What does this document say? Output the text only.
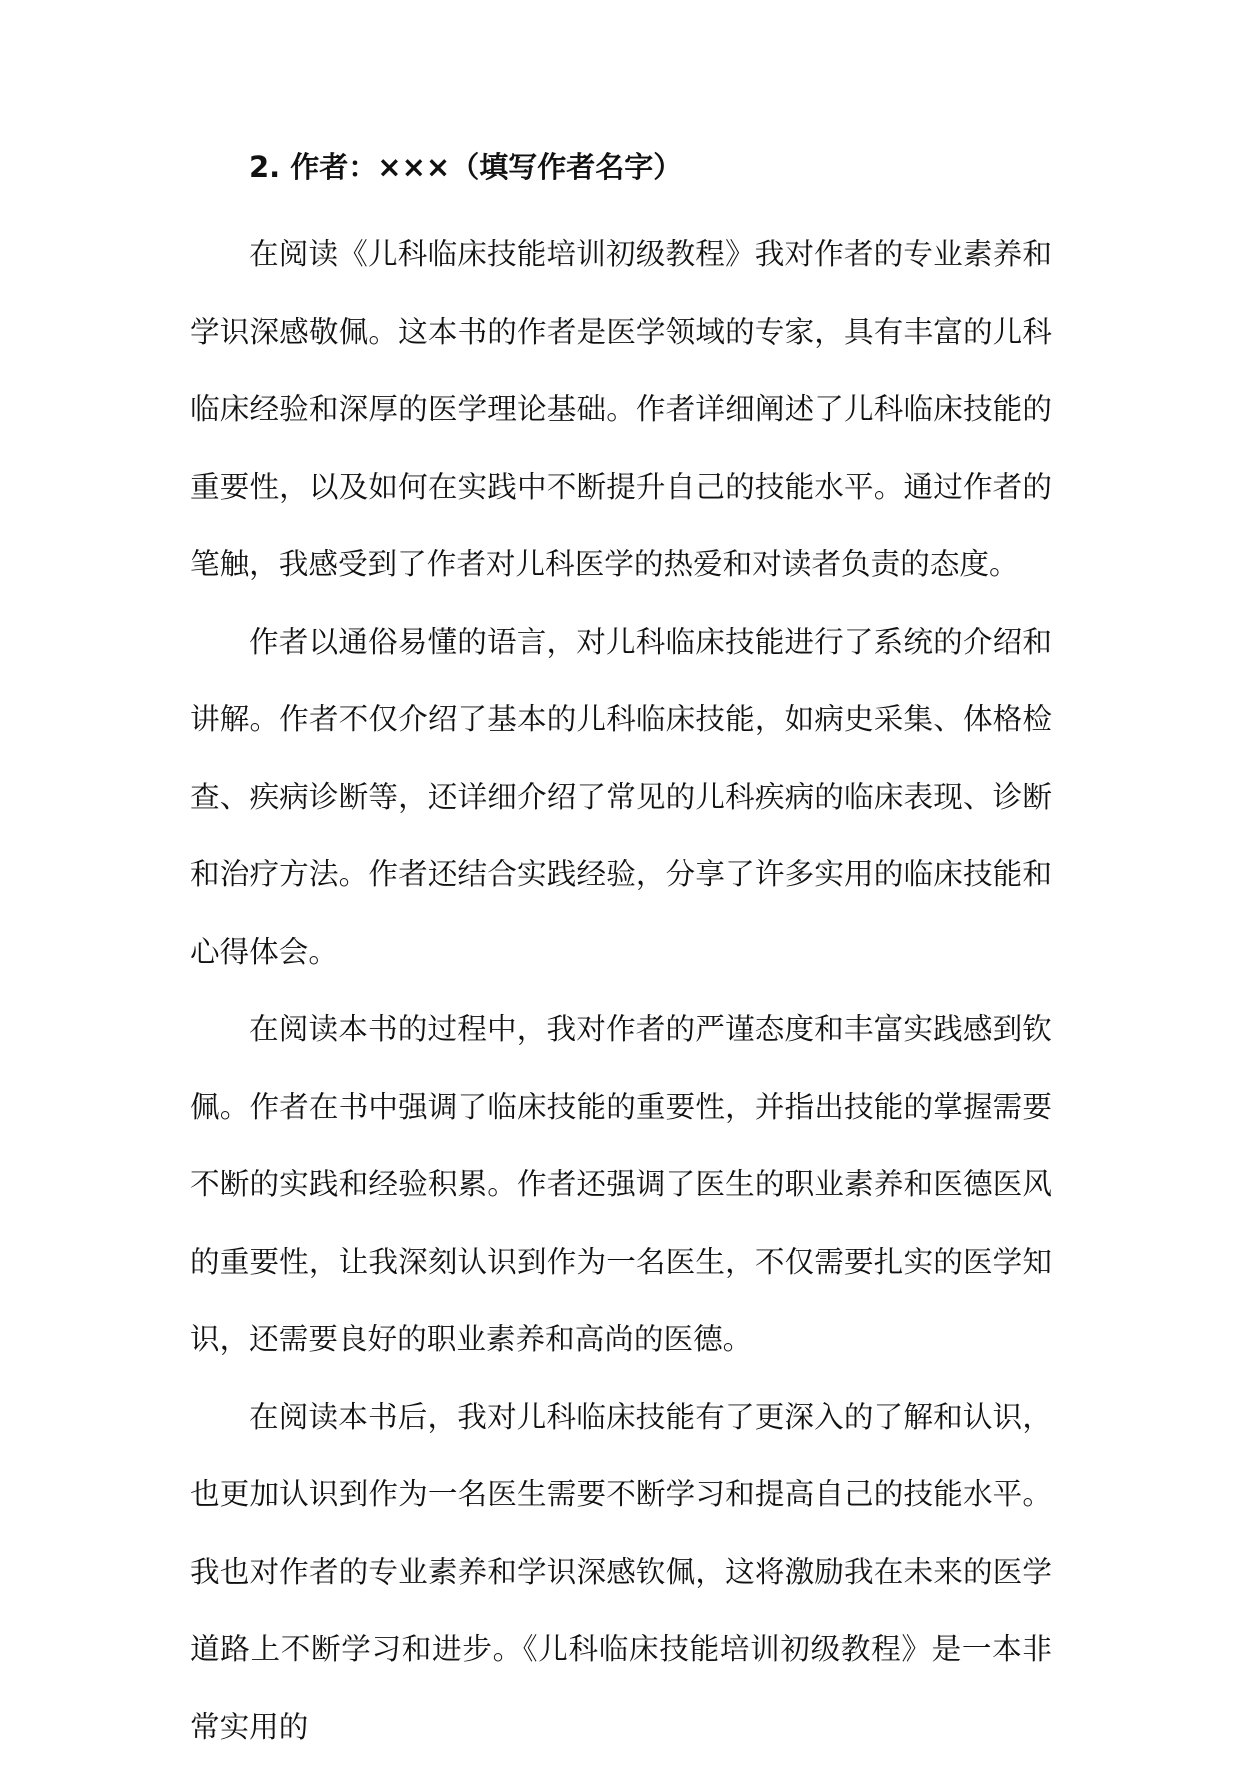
2. 作者：×××（填写作者名字）

在阅读《儿科临床技能培训初级教程》我对作者的专业素养和学识深感敬佩。这本书的作者是医学领域的专家，具有丰富的儿科临床经验和深厚的医学理论基础。作者详细阐述了儿科临床技能的重要性，以及如何在实践中不断提升自己的技能水平。通过作者的笔触，我感受到了作者对儿科医学的热爱和对读者负责的态度。

作者以通俗易懂的语言，对儿科临床技能进行了系统的介绍和讲解。作者不仅介绍了基本的儿科临床技能，如病史采集、体格检查、疾病诊断等，还详细介绍了常见的儿科疾病的临床表现、诊断和治疗方法。作者还结合实践经验，分享了许多实用的临床技能和心得体会。

在阅读本书的过程中，我对作者的严谨态度和丰富实践感到钦佩。作者在书中强调了临床技能的重要性，并指出技能的掌握需要不断的实践和经验积累。作者还强调了医生的职业素养和医德医风的重要性，让我深刻认识到作为一名医生，不仅需要扎实的医学知识，还需要良好的职业素养和高尚的医德。

在阅读本书后，我对儿科临床技能有了更深入的了解和认识，也更加认识到作为一名医生需要不断学习和提高自己的技能水平。我也对作者的专业素养和学识深感钦佩，这将激励我在未来的医学道路上不断学习和进步。《儿科临床技能培训初级教程》是一本非常实用的
